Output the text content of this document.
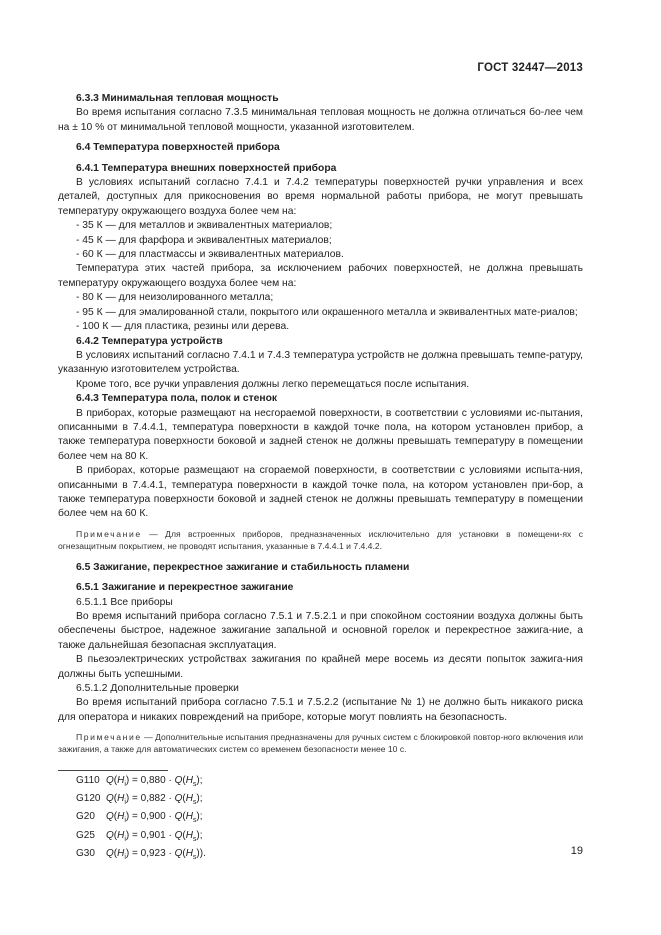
ГОСТ 32447—2013
6.3.3 Минимальная тепловая мощность
Во время испытания согласно 7.3.5 минимальная тепловая мощность не должна отличаться бо-лее чем на ± 10 % от минимальной тепловой мощности, указанной изготовителем.
6.4 Температура поверхностей прибора
6.4.1 Температура внешних поверхностей прибора
В условиях испытаний согласно 7.4.1 и 7.4.2 температуры поверхностей ручки управления и всех деталей, доступных для прикосновения во время нормальной работы прибора, не могут превышать температуру окружающего воздуха более чем на:
- 35 К — для металлов и эквивалентных материалов;
- 45 К — для фарфора и эквивалентных материалов;
- 60 К — для пластмассы и эквивалентных материалов.
Температура этих частей прибора, за исключением рабочих поверхностей, не должна превышать температуру окружающего воздуха более чем на:
- 80 К — для неизолированного металла;
- 95 К — для эмалированной стали, покрытого или окрашенного металла и эквивалентных мате-риалов;
- 100 К — для пластика, резины или дерева.
6.4.2 Температура устройств
В условиях испытаний согласно 7.4.1 и 7.4.3 температура устройств не должна превышать темпе-ратуру, указанную изготовителем устройства.
Кроме того, все ручки управления должны легко перемещаться после испытания.
6.4.3 Температура пола, полок и стенок
В приборах, которые размещают на несгораемой поверхности, в соответствии с условиями ис-пытания, описанными в 7.4.4.1, температура поверхности в каждой точке пола, на котором установлен прибор, а также температура поверхности боковой и задней стенок не должны превышать температуру в помещении более чем на 80 К.
В приборах, которые размещают на сгораемой поверхности, в соответствии с условиями испыта-ния, описанными в 7.4.4.1, температура поверхности в каждой точке пола, на котором установлен при-бор, а также температура поверхности боковой и задней стенок не должны превышать температуру в помещении более чем на 60 К.
Примечание — Для встроенных приборов, предназначенных исключительно для установки в помещени-ях с огнезащитным покрытием, не проводят испытания, указанные в 7.4.4.1 и 7.4.4.2.
6.5 Зажигание, перекрестное зажигание и стабильность пламени
6.5.1 Зажигание и перекрестное зажигание
6.5.1.1 Все приборы
Во время испытаний прибора согласно 7.5.1 и 7.5.2.1 и при спокойном состоянии воздуха должны быть обеспечены быстрое, надежное зажигание запальной и основной горелок и перекрестное зажига-ние, а также дальнейшая безопасная эксплуатация.
В пьезоэлектрических устройствах зажигания по крайней мере восемь из десяти попыток зажига-ния должны быть успешными.
6.5.1.2 Дополнительные проверки
Во время испытаний прибора согласно 7.5.1 и 7.5.2.2 (испытание № 1) не должно быть никакого риска для оператора и никаких повреждений на приборе, которые могут повлиять на безопасность.
Примечание — Дополнительные испытания предназначены для ручных систем с блокировкой повтор-ного включения или зажигания, а также для автоматических систем со временем безопасности менее 10 с.
G110 $Q(H_i) = 0,880 \cdot Q(H_s)$;
G120 $Q(H_i) = 0,882 \cdot Q(H_s)$;
G20 $Q(H_i) = 0,900 \cdot Q(H_s)$;
G25 $Q(H_i) = 0,901 \cdot Q(H_s)$;
G30 $Q(H_i) = 0,923 \cdot Q(H_s)$).	19
